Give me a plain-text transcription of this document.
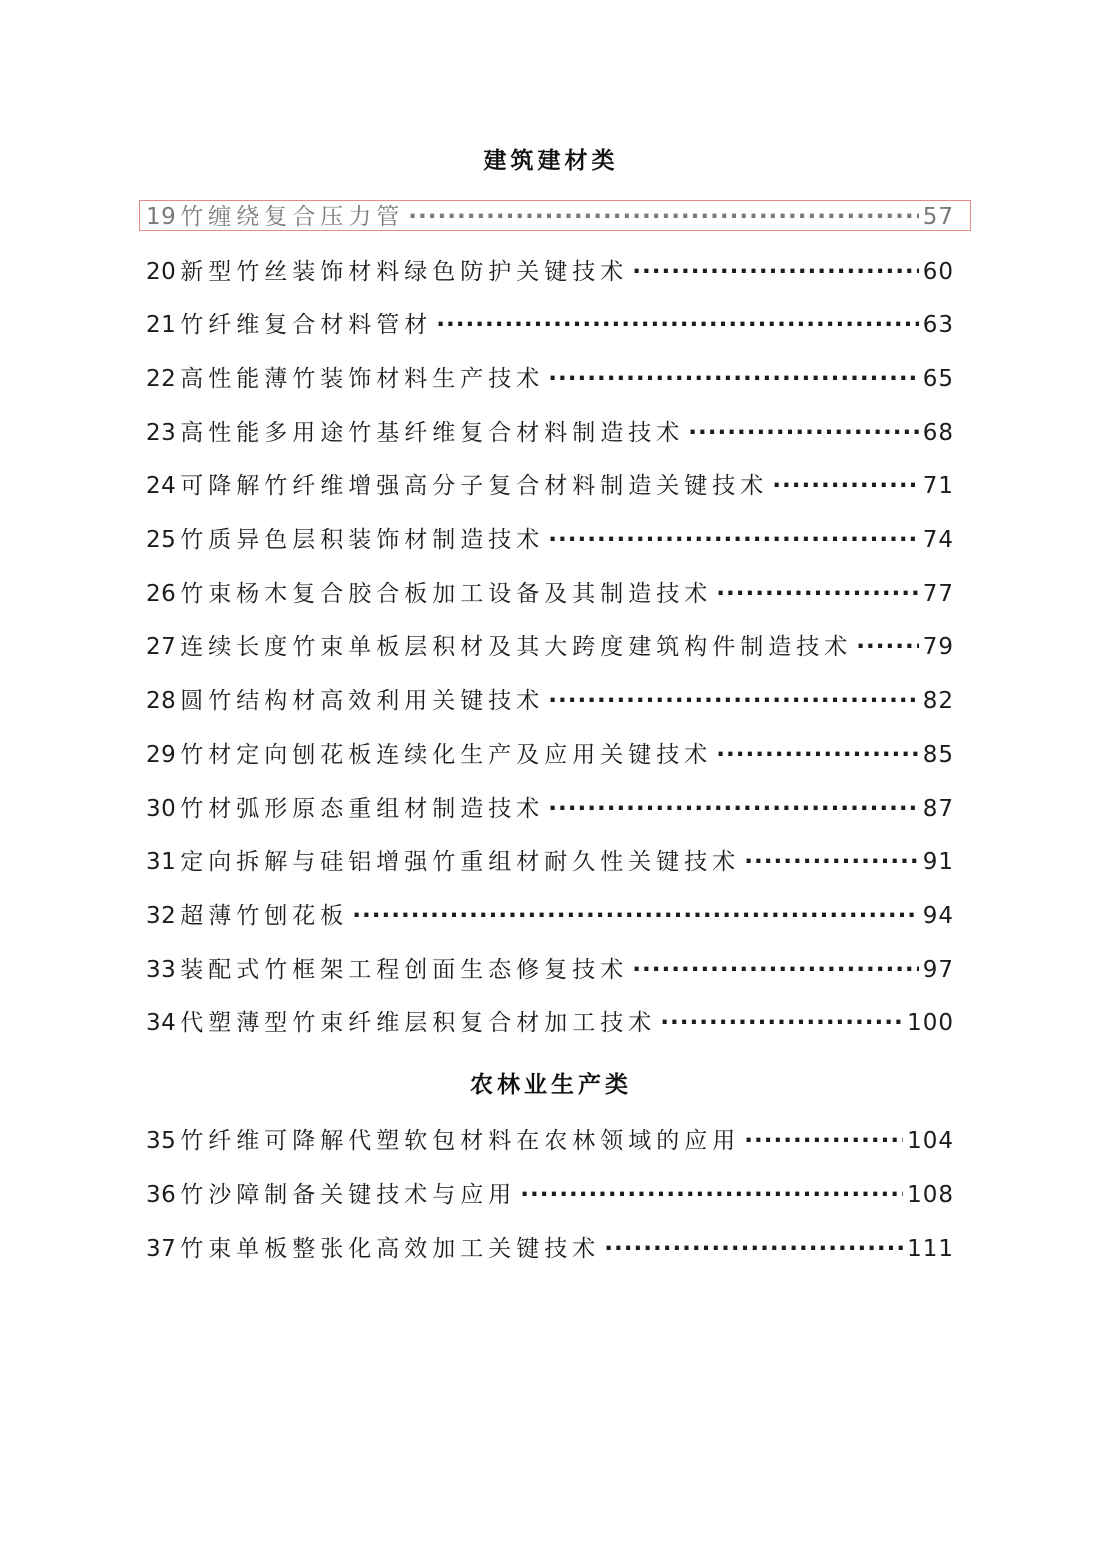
建筑建材类
19 竹缠绕复合压力管 ·····	57
20 新型竹丝装饰材料绿色防护关键技术 ·····	60
21 竹纤维复合材料管材 ·····	63
22 高性能薄竹装饰材料生产技术 ·····	65
23 高性能多用途竹基纤维复合材料制造技术 ·····	68
24 可降解竹纤维增强高分子复合材料制造关键技术 ·····	71
25 竹质异色层积装饰材制造技术 ·····	74
26 竹束杨木复合胶合板加工设备及其制造技术 ·····	77
27 连续长度竹束单板层积材及其大跨度建筑构件制造技术 ·····	79
28 圆竹结构材高效利用关键技术 ·····	82
29 竹材定向刨花板连续化生产及应用关键技术 ·····	85
30 竹材弧形原态重组材制造技术 ·····	87
31 定向拆解与硅铝增强竹重组材耐久性关键技术 ·····	91
32 超薄竹刨花板 ·····	94
33 装配式竹框架工程创面生态修复技术 ·····	97
34 代塑薄型竹束纤维层积复合材加工技术 ·····	100
农林业生产类
35 竹纤维可降解代塑软包材料在农林领域的应用 ·····	104
36 竹沙障制备关键技术与应用 ·····	108
37 竹束单板整张化高效加工关键技术 ·····	111
